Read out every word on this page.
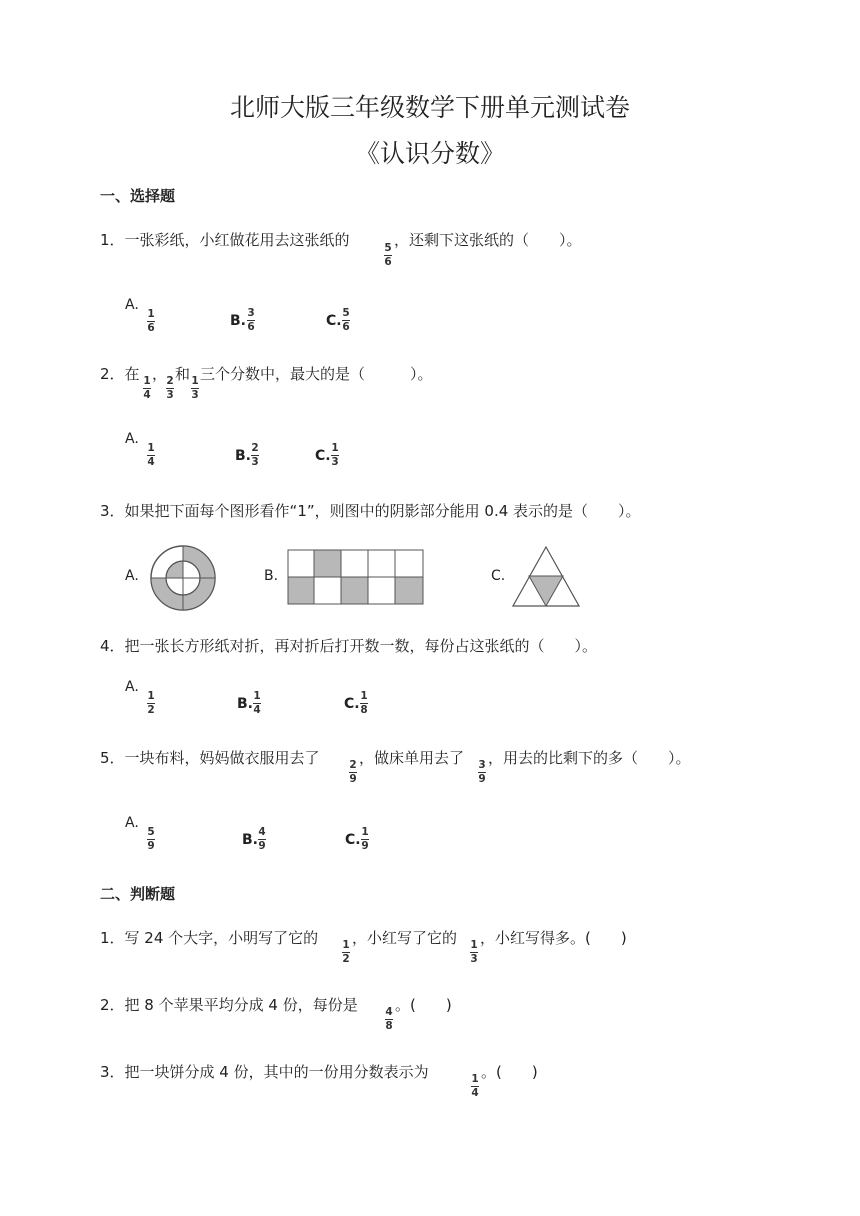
北师大版三年级数学下册单元测试卷
《认识分数》
一、选择题
1．一张彩纸，小红做花用去这张纸的	5
6
，还剩下这张纸的（　　）。
A.
1
6	B. 3
6	C. 5
6
2．在 1
4
， 2
3
和 1
3
三个分数中，最大的是（　　　）。
A.
1
4	B. 2
3	C. 1
3
3．如果把下面每个图形看作“1”，则图中的阴影部分能用 0.4 表示的是（　　）。
A.	B.	C.
4．把一张长方形纸对折，再对折后打开数一数，每份占这张纸的（　　）。
A.
1
2	B. 1
4	C. 1
8
5．一块布料，妈妈做衣服用去了	2
9
，做床单用去了 3
9
，用去的比剩下的多（　　）。
A.
5
9	B. 4
9	C. 1
9
二、判断题
1．写 24 个大字，小明写了它的 1
2
，小红写了它的 1
3
，小红写得多。(　　)
2．把 8 个苹果平均分成 4 份，每份是	4
8
。(　　)
3．把一块饼分成 4 份，其中的一份用分数表示为	1
4
。(　　)
